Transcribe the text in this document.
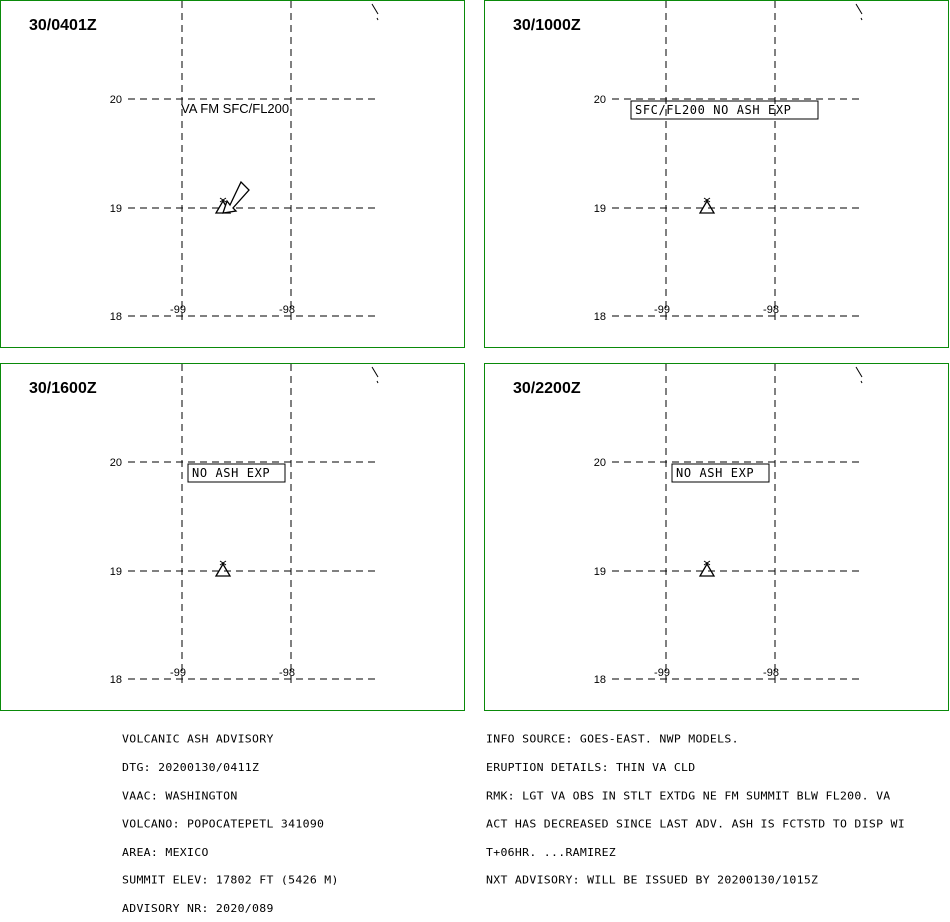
30/0401Z
20
19
18
-99	-98
VA FM SFC/FL200
30/1000Z
20
19
18
-99	-98
SFC/FL200 NO ASH EXP
30/1600Z
20
19
18
-99	-98
NO ASH EXP
30/2200Z
20
19
18
-99	-98
NO ASH EXP

VOLCANIC ASH ADVISORY

DTG: 20200130/0411Z

VAAC: WASHINGTON

VOLCANO: POPOCATEPETL 341090

AREA: MEXICO

SUMMIT ELEV: 17802 FT (5426 M)

ADVISORY NR: 2020/089

INFO SOURCE: GOES-EAST. NWP MODELS.

ERUPTION DETAILS: THIN VA CLD

RMK: LGT VA OBS IN STLT EXTDG NE FM SUMMIT BLW FL200. VA

ACT HAS DECREASED SINCE LAST ADV. ASH IS FCTSTD TO DISP WI

T+06HR. ...RAMIREZ

NXT ADVISORY: WILL BE ISSUED BY 20200130/1015Z
